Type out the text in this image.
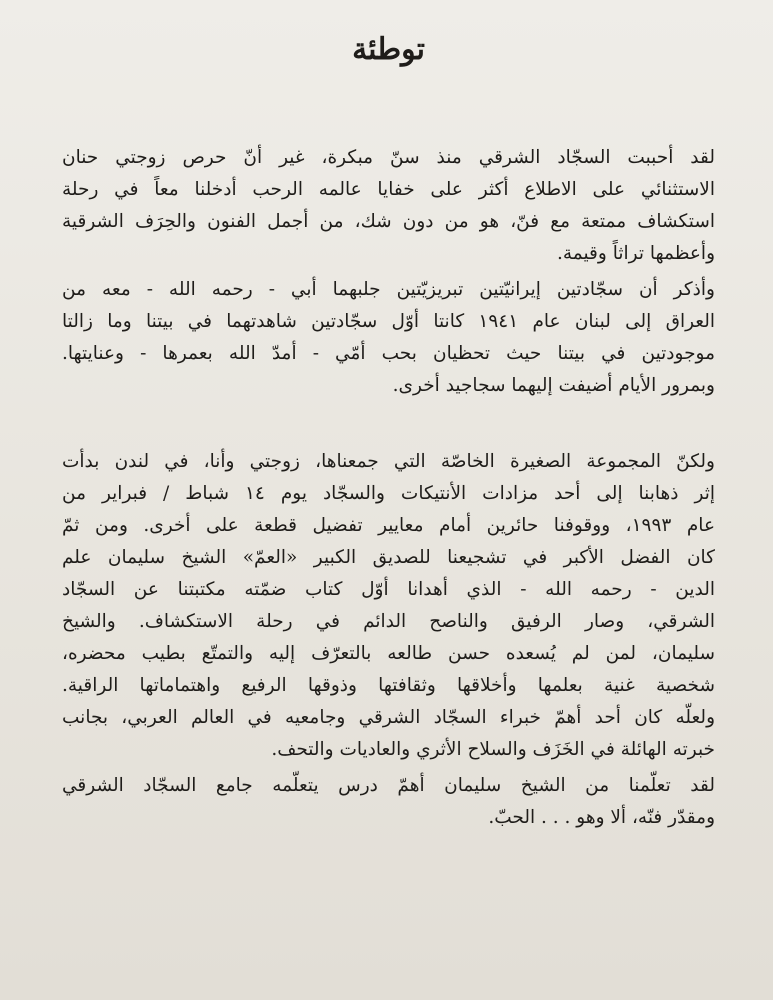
توطئة
لقد أحببت السجّاد الشرقي منذ سنّ مبكرة، غير أنّ حرص زوجتي حنان
الاستثنائي على الاطلاع أكثر على خفايا عالمه الرحب أدخلنا معاً في رحلة
استكشاف ممتعة مع فنّ، هو من دون شك، من أجمل الفنون والحِرَف الشرقية
وأعظمها تراثاً وقيمة.
وأذكر أن سجّادتين إيرانيّتين تبريزيّتين جلبهما أبي - رحمه الله - معه من
العراق إلى لبنان عام ١٩٤١ كانتا أوّل سجّادتين شاهدتهما في بيتنا وما زالتا
موجودتين في بيتنا حيث تحظيان بحب أمّي - أمدّ الله بعمرها - وعنايتها.
وبمرور الأيام أضيفت إليهما سجاجيد أخرى.
ولكنّ المجموعة الصغيرة الخاصّة التي جمعناها، زوجتي وأنا، في لندن بدأت
إثر ذهابنا إلى أحد مزادات الأنتيكات والسجّاد يوم ١٤ شباط / فبراير من
عام ١٩٩٣، ووقوفنا حائرين أمام معايير تفضيل قطعة على أخرى. ومن ثمّ
كان الفضل الأكبر في تشجيعنا للصديق الكبير «العمّ» الشيخ سليمان علم
الدين - رحمه الله - الذي أهدانا أوّل كتاب ضمّته مكتبتنا عن السجّاد
الشرقي، وصار الرفيق والناصح الدائم في رحلة الاستكشاف. والشيخ
سليمان، لمن لم يُسعده حسن طالعه بالتعرّف إليه والتمتّع بطيب محضره،
شخصية غنية بعلمها وأخلاقها وثقافتها وذوقها الرفيع واهتماماتها الراقية.
ولعلّه كان أحد أهمّ خبراء السجّاد الشرقي وجامعيه في العالم العربي، بجانب
خبرته الهائلة في الخَزَف والسلاح الأثري والعاديات والتحف.
لقد تعلّمنا من الشيخ سليمان أهمّ درس يتعلّمه جامع السجّاد الشرقي
ومقدّر فنّه، ألا وهو . . . الحبّ.
